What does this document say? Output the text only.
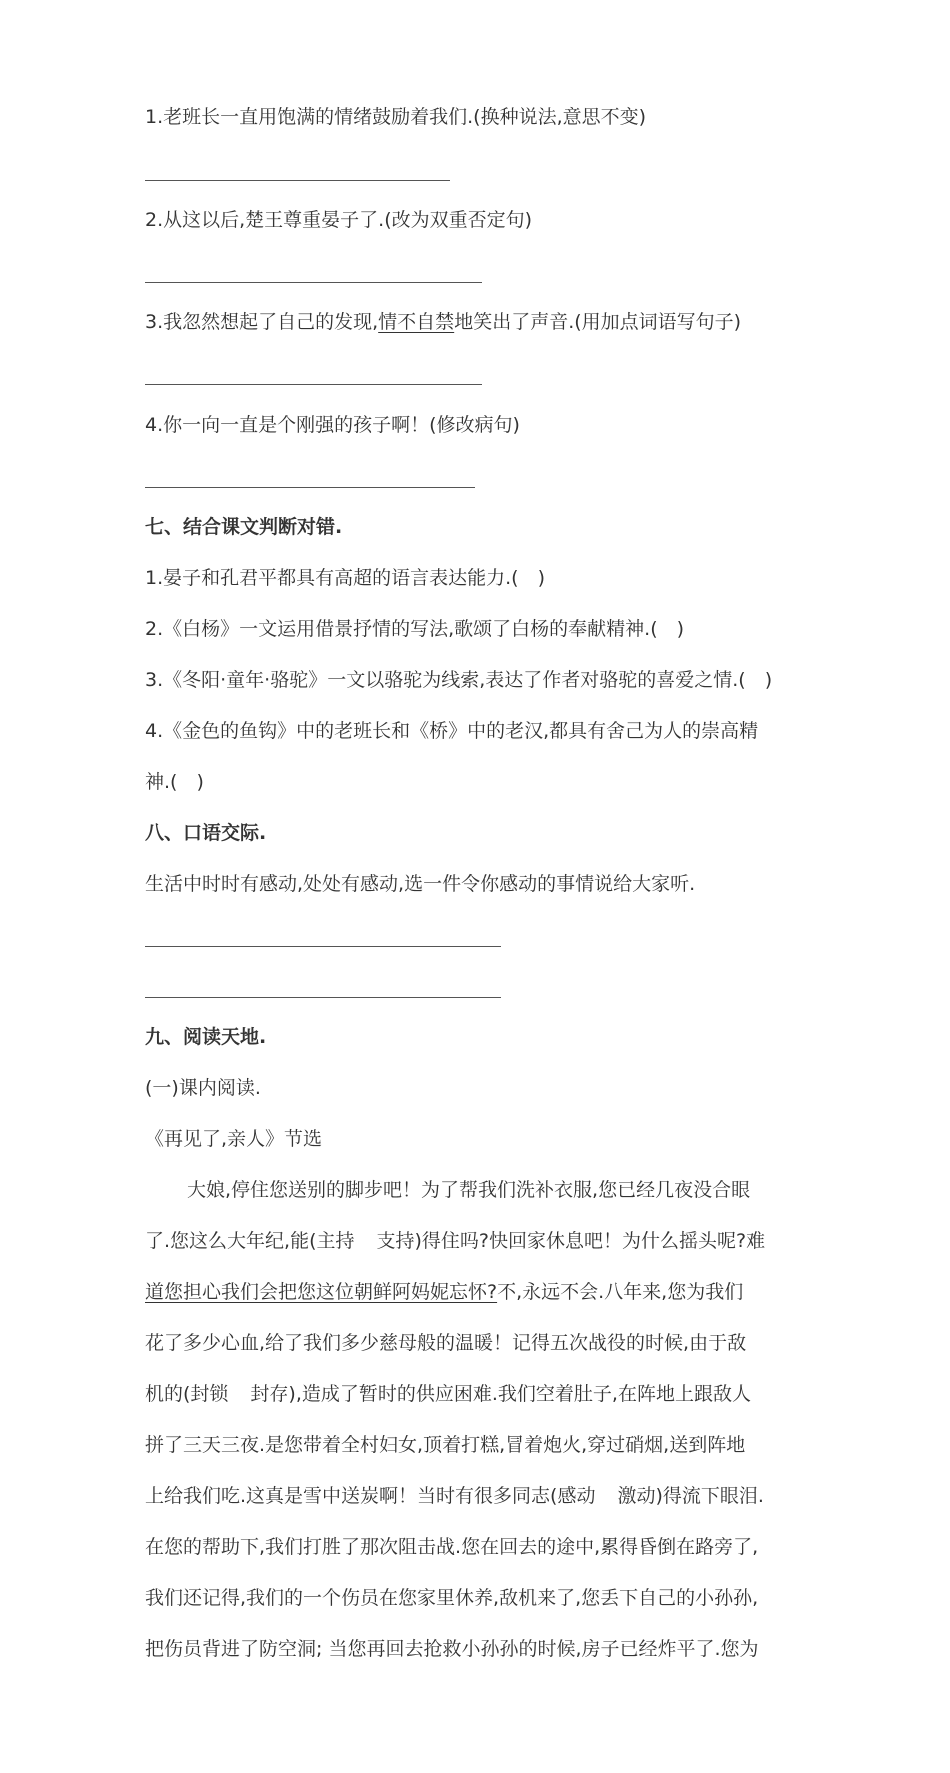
1.老班长一直用饱满的情绪鼓励着我们.(换种说法,意思不变)
2.从这以后,楚王尊重晏子了.(改为双重否定句)
3.我忽然想起了自己的发现,情不自禁地笑出了声音.(用加点词语写句子)
4.你一向一直是个刚强的孩子啊！(修改病句)
七、结合课文判断对错.
1.晏子和孔君平都具有高超的语言表达能力.(　)
2.《白杨》一文运用借景抒情的写法,歌颂了白杨的奉献精神.(　)
3.《冬阳·童年·骆驼》一文以骆驼为线索,表达了作者对骆驼的喜爱之情.(　)
4.《金色的鱼钩》中的老班长和《桥》中的老汉,都具有舍己为人的崇高精
神.(　)
八、口语交际.
生活中时时有感动,处处有感动,选一件令你感动的事情说给大家听.
九、阅读天地.
(一)课内阅读.
《再见了,亲人》节选
大娘,停住您送别的脚步吧！为了帮我们洗补衣服,您已经几夜没合眼
了.您这么大年纪,能(主持 支持)得住吗?快回家休息吧！为什么摇头呢?难
道您担心我们会把您这位朝鲜阿妈妮忘怀?不,永远不会.八年来,您为我们
花了多少心血,给了我们多少慈母般的温暖！记得五次战役的时候,由于敌
机的(封锁 封存),造成了暂时的供应困难.我们空着肚子,在阵地上跟敌人
拼了三天三夜.是您带着全村妇女,顶着打糕,冒着炮火,穿过硝烟,送到阵地
上给我们吃.这真是雪中送炭啊！当时有很多同志(感动 激动)得流下眼泪.
在您的帮助下,我们打胜了那次阻击战.您在回去的途中,累得昏倒在路旁了,
我们还记得,我们的一个伤员在您家里休养,敌机来了,您丢下自己的小孙孙,
把伤员背进了防空洞; 当您再回去抢救小孙孙的时候,房子已经炸平了.您为
